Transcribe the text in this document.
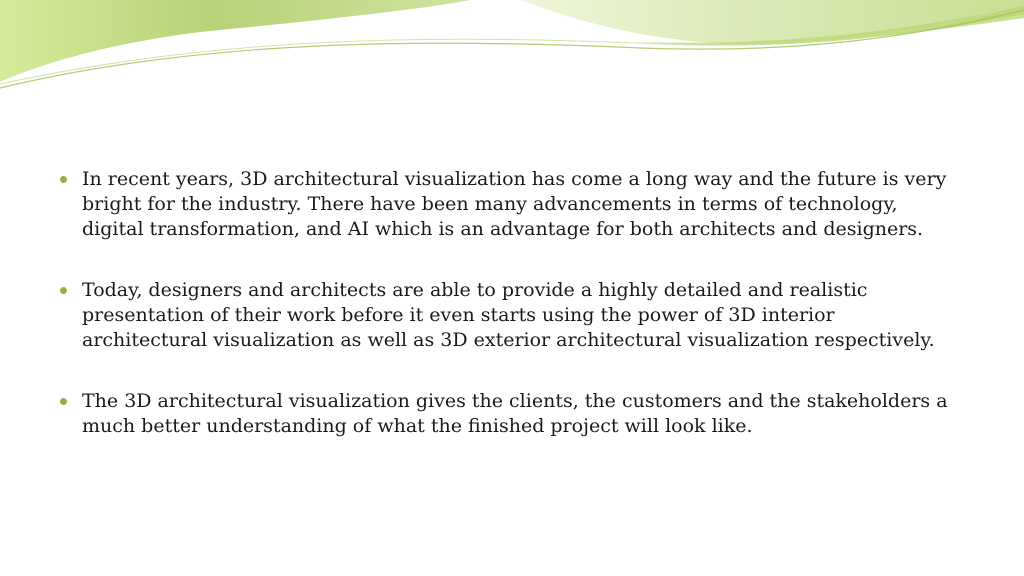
In recent years, 3D architectural visualization has come a long way and the future is very bright for the industry. There have been many advancements in terms of technology, digital transformation, and AI which is an advantage for both architects and designers.
Today, designers and architects are able to provide a highly detailed and realistic presentation of their work before it even starts using the power of 3D interior architectural visualization as well as 3D exterior architectural visualization respectively.
The 3D architectural visualization gives the clients, the customers and the stakeholders a much better understanding of what the finished project will look like.
